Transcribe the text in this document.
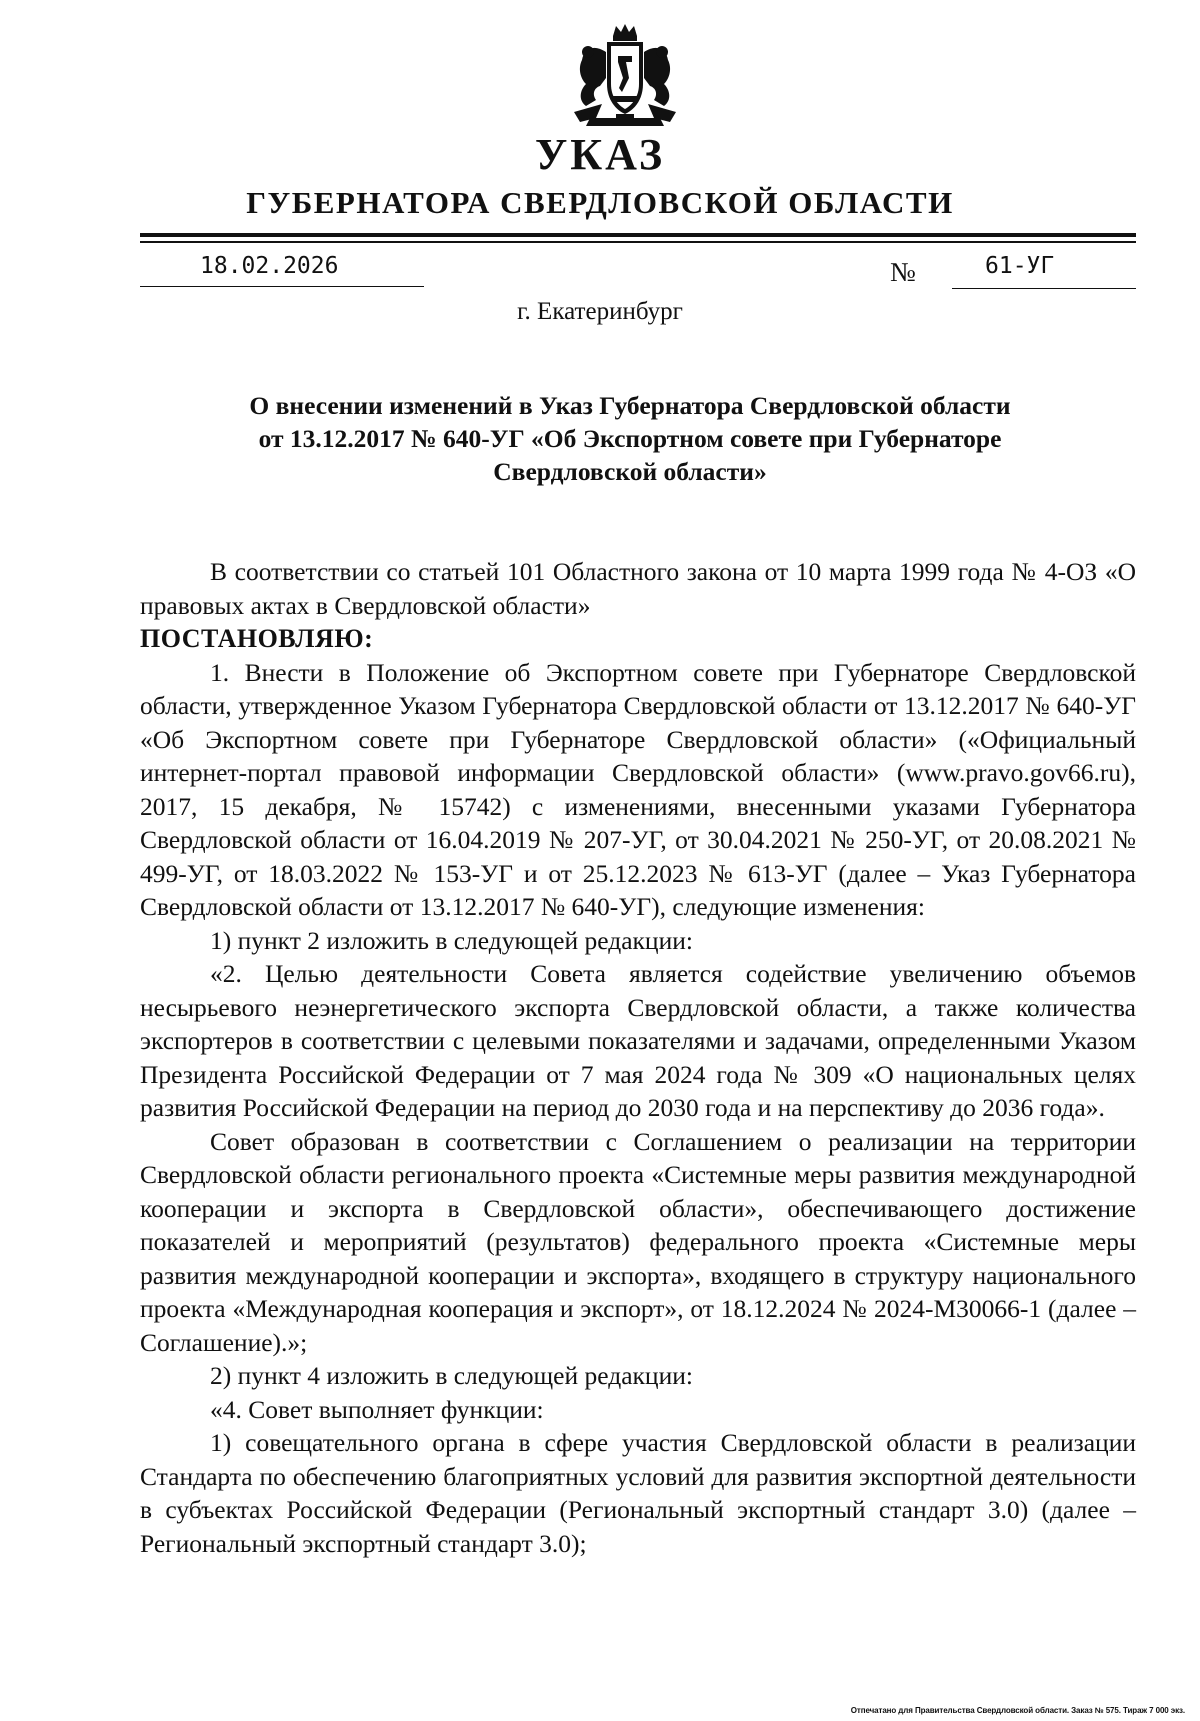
УКАЗ
ГУБЕРНАТОРА СВЕРДЛОВСКОЙ ОБЛАСТИ
18.02.2026	№	61-УГ
г. Екатеринбург
О внесении изменений в Указ Губернатора Свердловской области
от 13.12.2017 № 640-УГ «Об Экспортном совете при Губернаторе
Свердловской области»

В соответствии со статьей 101 Областного закона от 10 марта 1999 года № 4-ОЗ «О правовых актах в Свердловской области»

ПОСТАНОВЛЯЮ:

1. Внести в Положение об Экспортном совете при Губернаторе Свердловской области, утвержденное Указом Губернатора Свердловской области от 13.12.2017 № 640-УГ «Об Экспортном совете при Губернаторе Свердловской области» («Официальный интернет-портал правовой информации Свердловской области» (www.pravo.gov66.ru), 2017, 15 декабря, № 15742) с изменениями, внесенными указами Губернатора Свердловской области от 16.04.2019 № 207-УГ, от 30.04.2021 № 250-УГ, от 20.08.2021 № 499-УГ, от 18.03.2022 № 153-УГ и от 25.12.2023 № 613-УГ (далее – Указ Губернатора Свердловской области от 13.12.2017 № 640-УГ), следующие изменения:

1) пункт 2 изложить в следующей редакции:

«2. Целью деятельности Совета является содействие увеличению объемов несырьевого неэнергетического экспорта Свердловской области, а также количества экспортеров в соответствии с целевыми показателями и задачами, определенными Указом Президента Российской Федерации от 7 мая 2024 года № 309 «О национальных целях развития Российской Федерации на период до 2030 года и на перспективу до 2036 года».

Совет образован в соответствии с Соглашением о реализации на территории Свердловской области регионального проекта «Системные меры развития международной кооперации и экспорта в Свердловской области», обеспечивающего достижение показателей и мероприятий (результатов) федерального проекта «Системные меры развития международной кооперации и экспорта», входящего в структуру национального проекта «Международная кооперация и экспорт», от 18.12.2024 № 2024-М30066-1 (далее – Соглашение).»;

2) пункт 4 изложить в следующей редакции:

«4. Совет выполняет функции:

1) совещательного органа в сфере участия Свердловской области в реализации Стандарта по обеспечению благоприятных условий для развития экспортной деятельности в субъектах Российской Федерации (Региональный экспортный стандарт 3.0) (далее – Региональный экспортный стандарт 3.0);

Отпечатано для Правительства Свердловской области. Заказ № 575. Тираж 7 000 экз.
